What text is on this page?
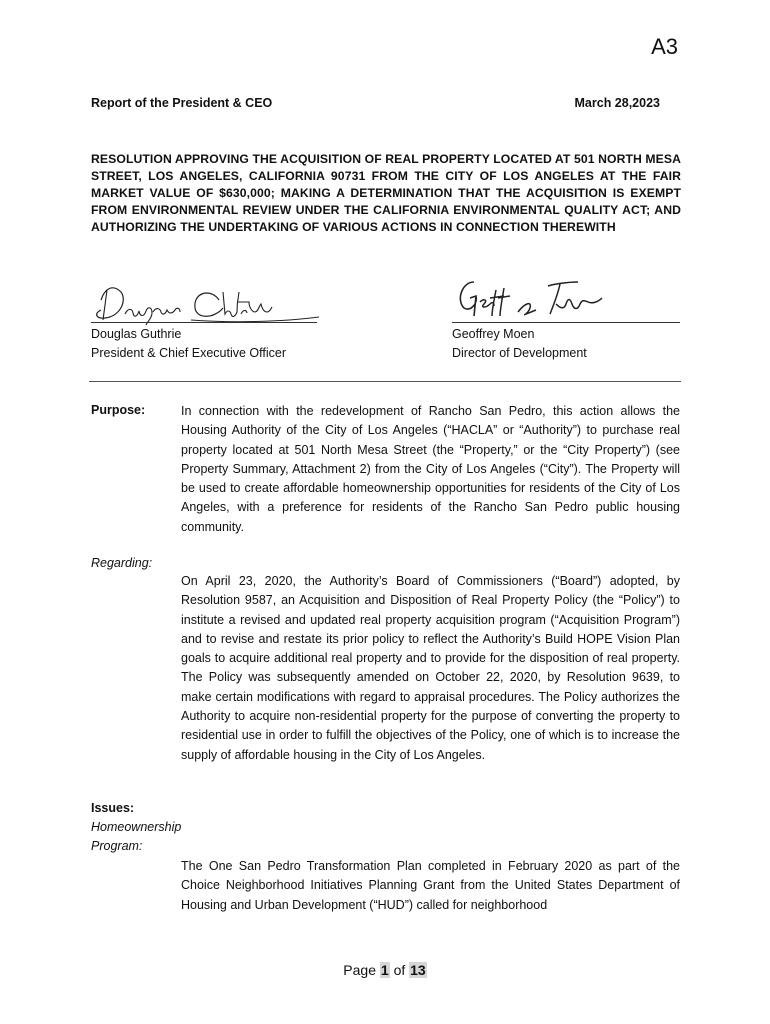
A3
Report of the President & CEO	March 28,2023
RESOLUTION APPROVING THE ACQUISITION OF REAL PROPERTY LOCATED AT 501 NORTH MESA STREET, LOS ANGELES, CALIFORNIA 90731 FROM THE CITY OF LOS ANGELES AT THE FAIR MARKET VALUE OF $630,000; MAKING A DETERMINATION THAT THE ACQUISITION IS EXEMPT FROM ENVIRONMENTAL REVIEW UNDER THE CALIFORNIA ENVIRONMENTAL QUALITY ACT; AND AUTHORIZING THE UNDERTAKING OF VARIOUS ACTIONS IN CONNECTION THEREWITH
Douglas Guthrie
President & Chief Executive Officer
Geoffrey Moen
Director of Development
Purpose:	In connection with the redevelopment of Rancho San Pedro, this action allows the Housing Authority of the City of Los Angeles (“HACLA” or “Authority”) to purchase real property located at 501 North Mesa Street (the “Property,” or the “City Property”) (see Property Summary, Attachment 2) from the City of Los Angeles (“City”). The Property will be used to create affordable homeownership opportunities for residents of the City of Los Angeles, with a preference for residents of the Rancho San Pedro public housing community.
Regarding:
On April 23, 2020, the Authority’s Board of Commissioners (“Board”) adopted, by Resolution 9587, an Acquisition and Disposition of Real Property Policy (the “Policy”) to institute a revised and updated real property acquisition program (“Acquisition Program”) and to revise and restate its prior policy to reflect the Authority’s Build HOPE Vision Plan goals to acquire additional real property and to provide for the disposition of real property. The Policy was subsequently amended on October 22, 2020, by Resolution 9639, to make certain modifications with regard to appraisal procedures. The Policy authorizes the Authority to acquire non-residential property for the purpose of converting the property to residential use in order to fulfill the objectives of the Policy, one of which is to increase the supply of affordable housing in the City of Los Angeles.
Issues:
Homeownership
Program:
The One San Pedro Transformation Plan completed in February 2020 as part of the Choice Neighborhood Initiatives Planning Grant from the United States Department of Housing and Urban Development (“HUD”) called for neighborhood
Page 1 of 13
